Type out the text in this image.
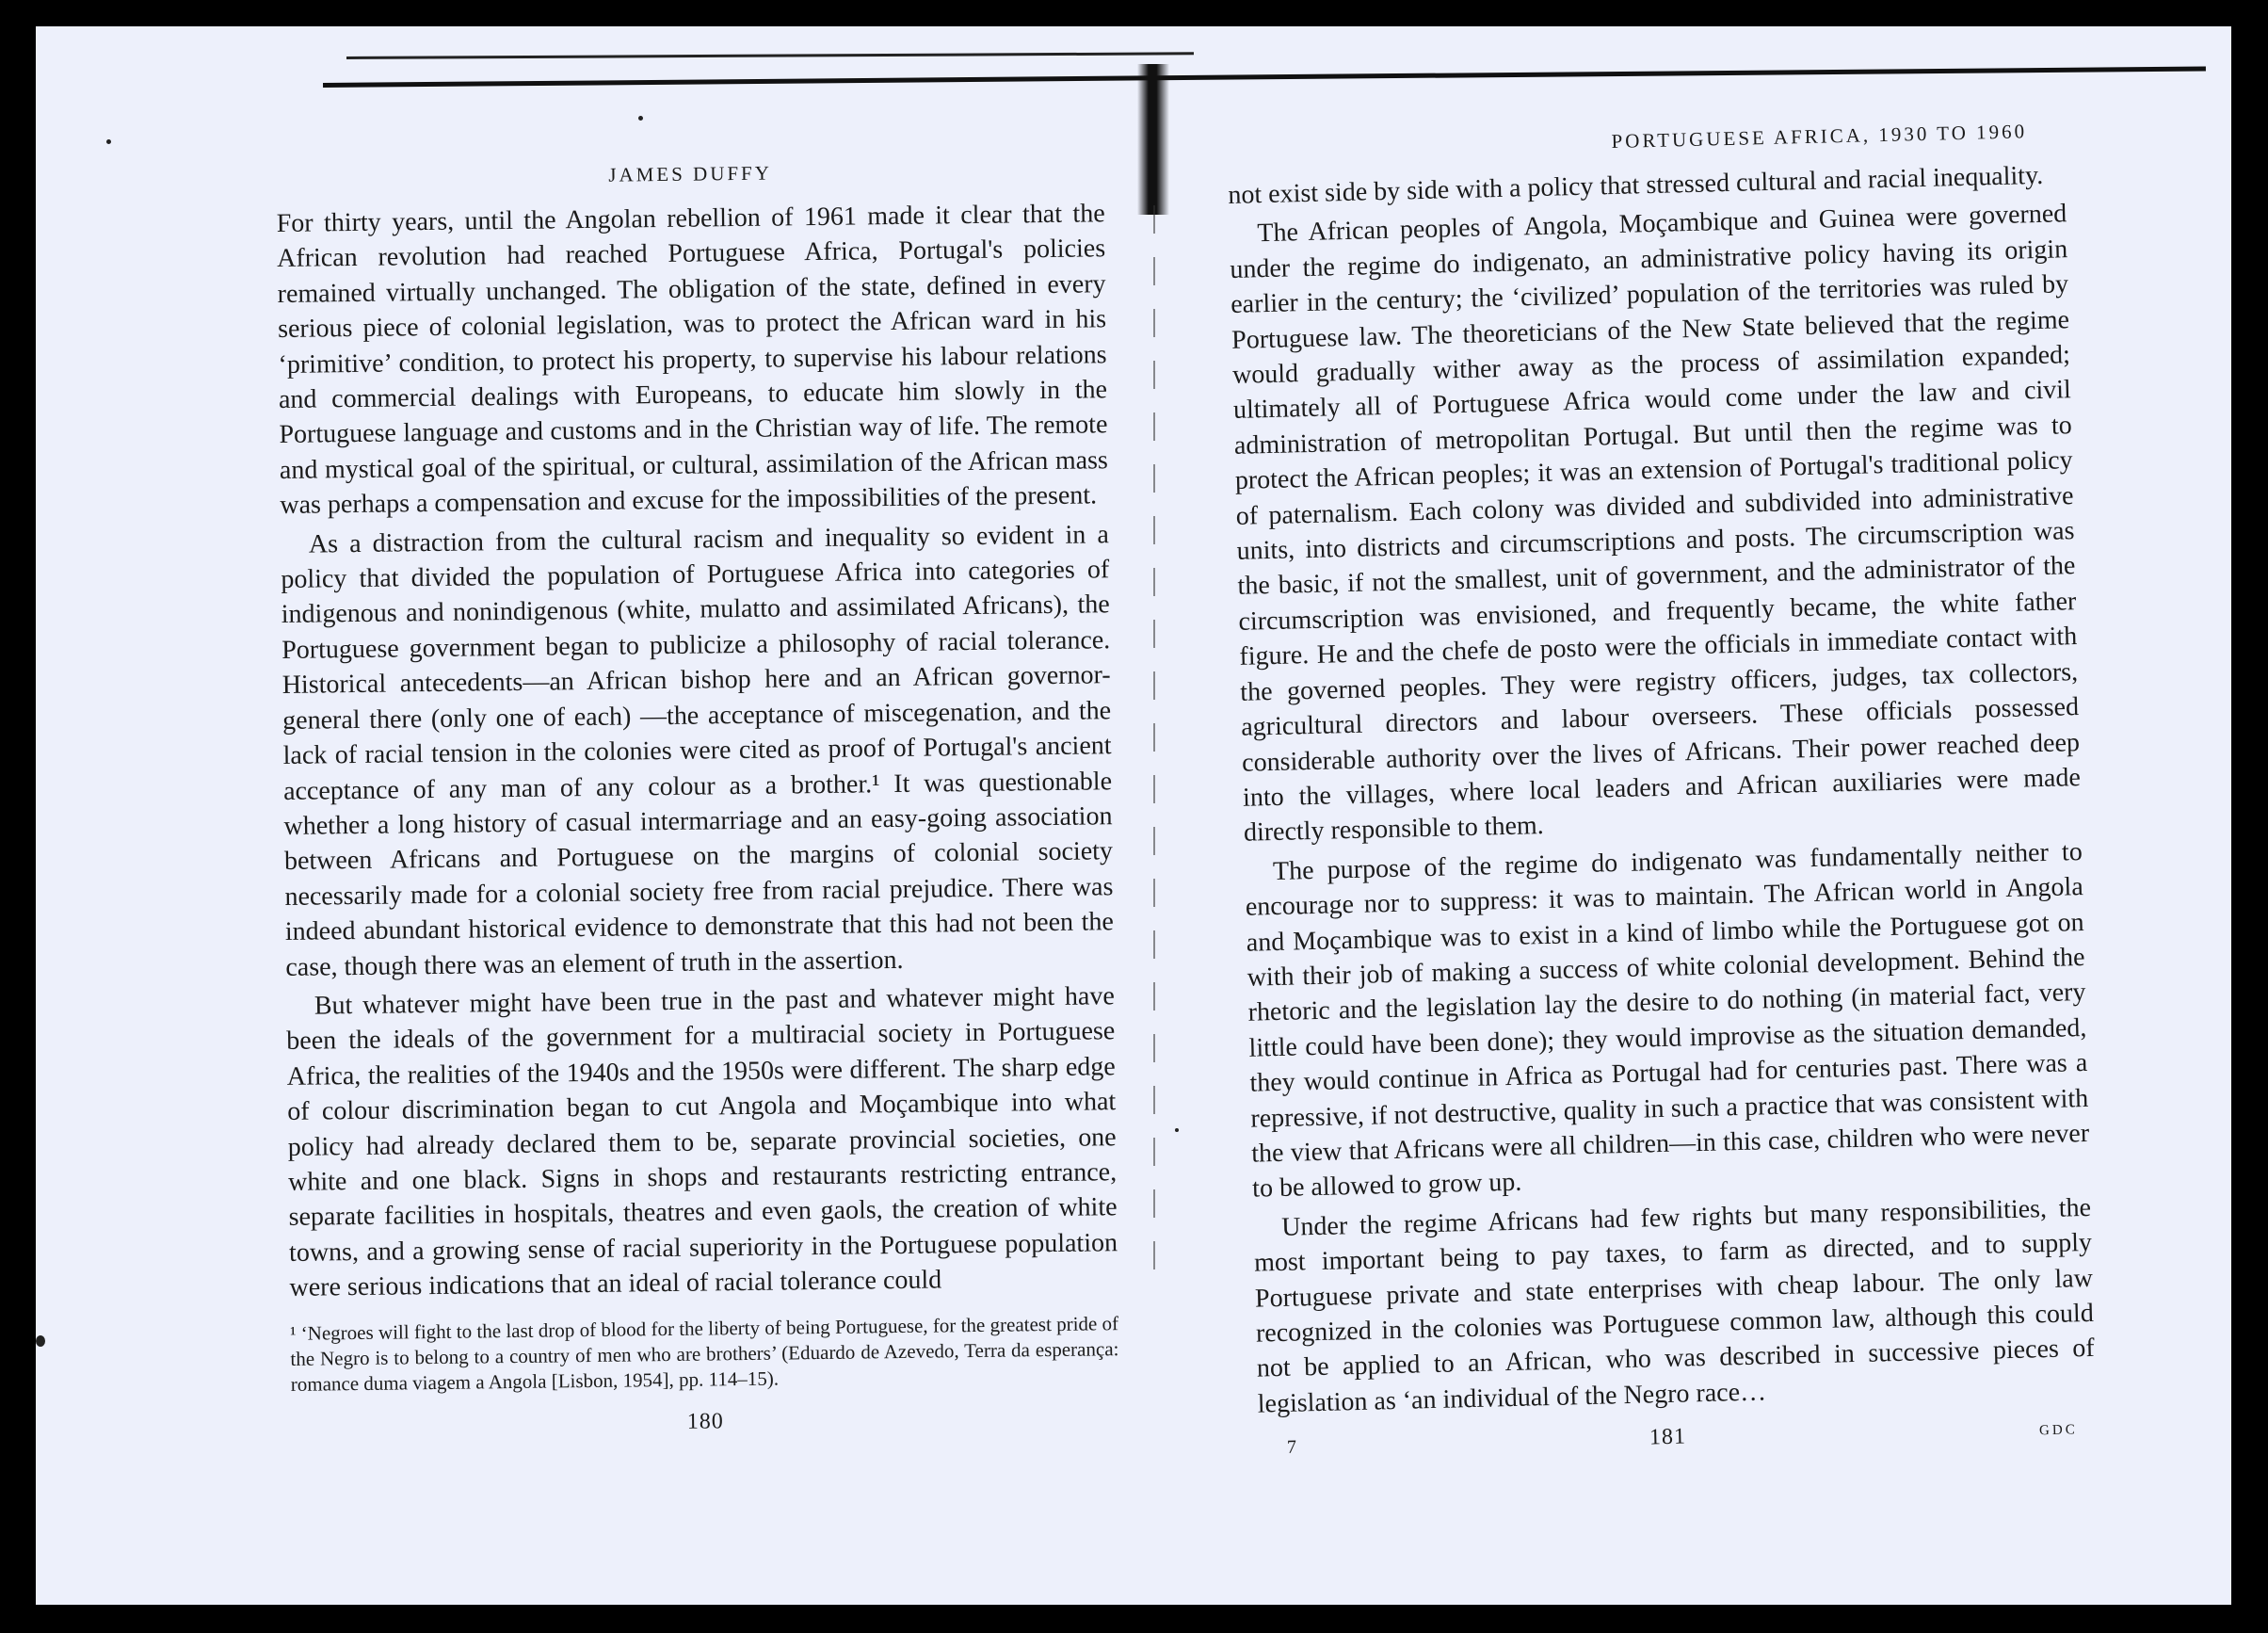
JAMES DUFFY

For thirty years, until the Angolan rebellion of 1961 made it clear that the African revolution had reached Portuguese Africa, Portugal's policies remained virtually unchanged. The obligation of the state, defined in every serious piece of colonial legislation, was to protect the African ward in his ‘primitive’ condition, to protect his property, to supervise his labour relations and commercial dealings with Europeans, to educate him slowly in the Portuguese language and customs and in the Christian way of life. The remote and mystical goal of the spiritual, or cultural, assimilation of the African mass was perhaps a compensation and excuse for the impossibilities of the present.

As a distraction from the cultural racism and inequality so evident in a policy that divided the population of Portuguese Africa into categories of indigenous and nonindigenous (white, mulatto and assimilated Africans), the Portuguese government began to publicize a philosophy of racial tolerance. Historical antecedents—an African bishop here and an African governor-general there (only one of each) —the acceptance of miscegenation, and the lack of racial tension in the colonies were cited as proof of Portugal's ancient acceptance of any man of any colour as a brother.¹ It was questionable whether a long history of casual intermarriage and an easy-going association between Africans and Portuguese on the margins of colonial society necessarily made for a colonial society free from racial prejudice. There was indeed abundant historical evidence to demonstrate that this had not been the case, though there was an element of truth in the assertion.

But whatever might have been true in the past and whatever might have been the ideals of the government for a multiracial society in Portuguese Africa, the realities of the 1940s and the 1950s were different. The sharp edge of colour discrimination began to cut Angola and Moçambique into what policy had already declared them to be, separate provincial societies, one white and one black. Signs in shops and restaurants restricting entrance, separate facilities in hospitals, theatres and even gaols, the creation of white towns, and a growing sense of racial superiority in the Portuguese population were serious indications that an ideal of racial tolerance could

¹ ‘Negroes will fight to the last drop of blood for the liberty of being Portuguese, for the greatest pride of the Negro is to belong to a country of men who are brothers’ (Eduardo de Azevedo, Terra da esperança: romance duma viagem a Angola [Lisbon, 1954], pp. 114–15).
180
PORTUGUESE AFRICA, 1930 TO 1960

not exist side by side with a policy that stressed cultural and racial inequality.

The African peoples of Angola, Moçambique and Guinea were governed under the regime do indigenato, an administrative policy having its origin earlier in the century; the ‘civilized’ population of the territories was ruled by Portuguese law. The theoreticians of the New State believed that the regime would gradually wither away as the process of assimilation expanded; ultimately all of Portuguese Africa would come under the law and civil administration of metropolitan Portugal. But until then the regime was to protect the African peoples; it was an extension of Portugal's traditional policy of paternalism. Each colony was divided and subdivided into administrative units, into districts and circumscriptions and posts. The circumscription was the basic, if not the smallest, unit of government, and the administrator of the circumscription was envisioned, and frequently became, the white father figure. He and the chefe de posto were the officials in immediate contact with the governed peoples. They were registry officers, judges, tax collectors, agricultural directors and labour overseers. These officials possessed considerable authority over the lives of Africans. Their power reached deep into the villages, where local leaders and African auxiliaries were made directly responsible to them.

The purpose of the regime do indigenato was fundamentally neither to encourage nor to suppress: it was to maintain. The African world in Angola and Moçambique was to exist in a kind of limbo while the Portuguese got on with their job of making a success of white colonial development. Behind the rhetoric and the legislation lay the desire to do nothing (in material fact, very little could have been done); they would improvise as the situation demanded, they would continue in Africa as Portugal had for centuries past. There was a repressive, if not destructive, quality in such a practice that was consistent with the view that Africans were all children—in this case, children who were never to be allowed to grow up.

Under the regime Africans had few rights but many responsibilities, the most important being to pay taxes, to farm as directed, and to supply Portuguese private and state enterprises with cheap labour. The only law recognized in the colonies was Portuguese common law, although this could not be applied to an African, who was described in successive pieces of legislation as ‘an individual of the Negro race…

7	181	GDC
